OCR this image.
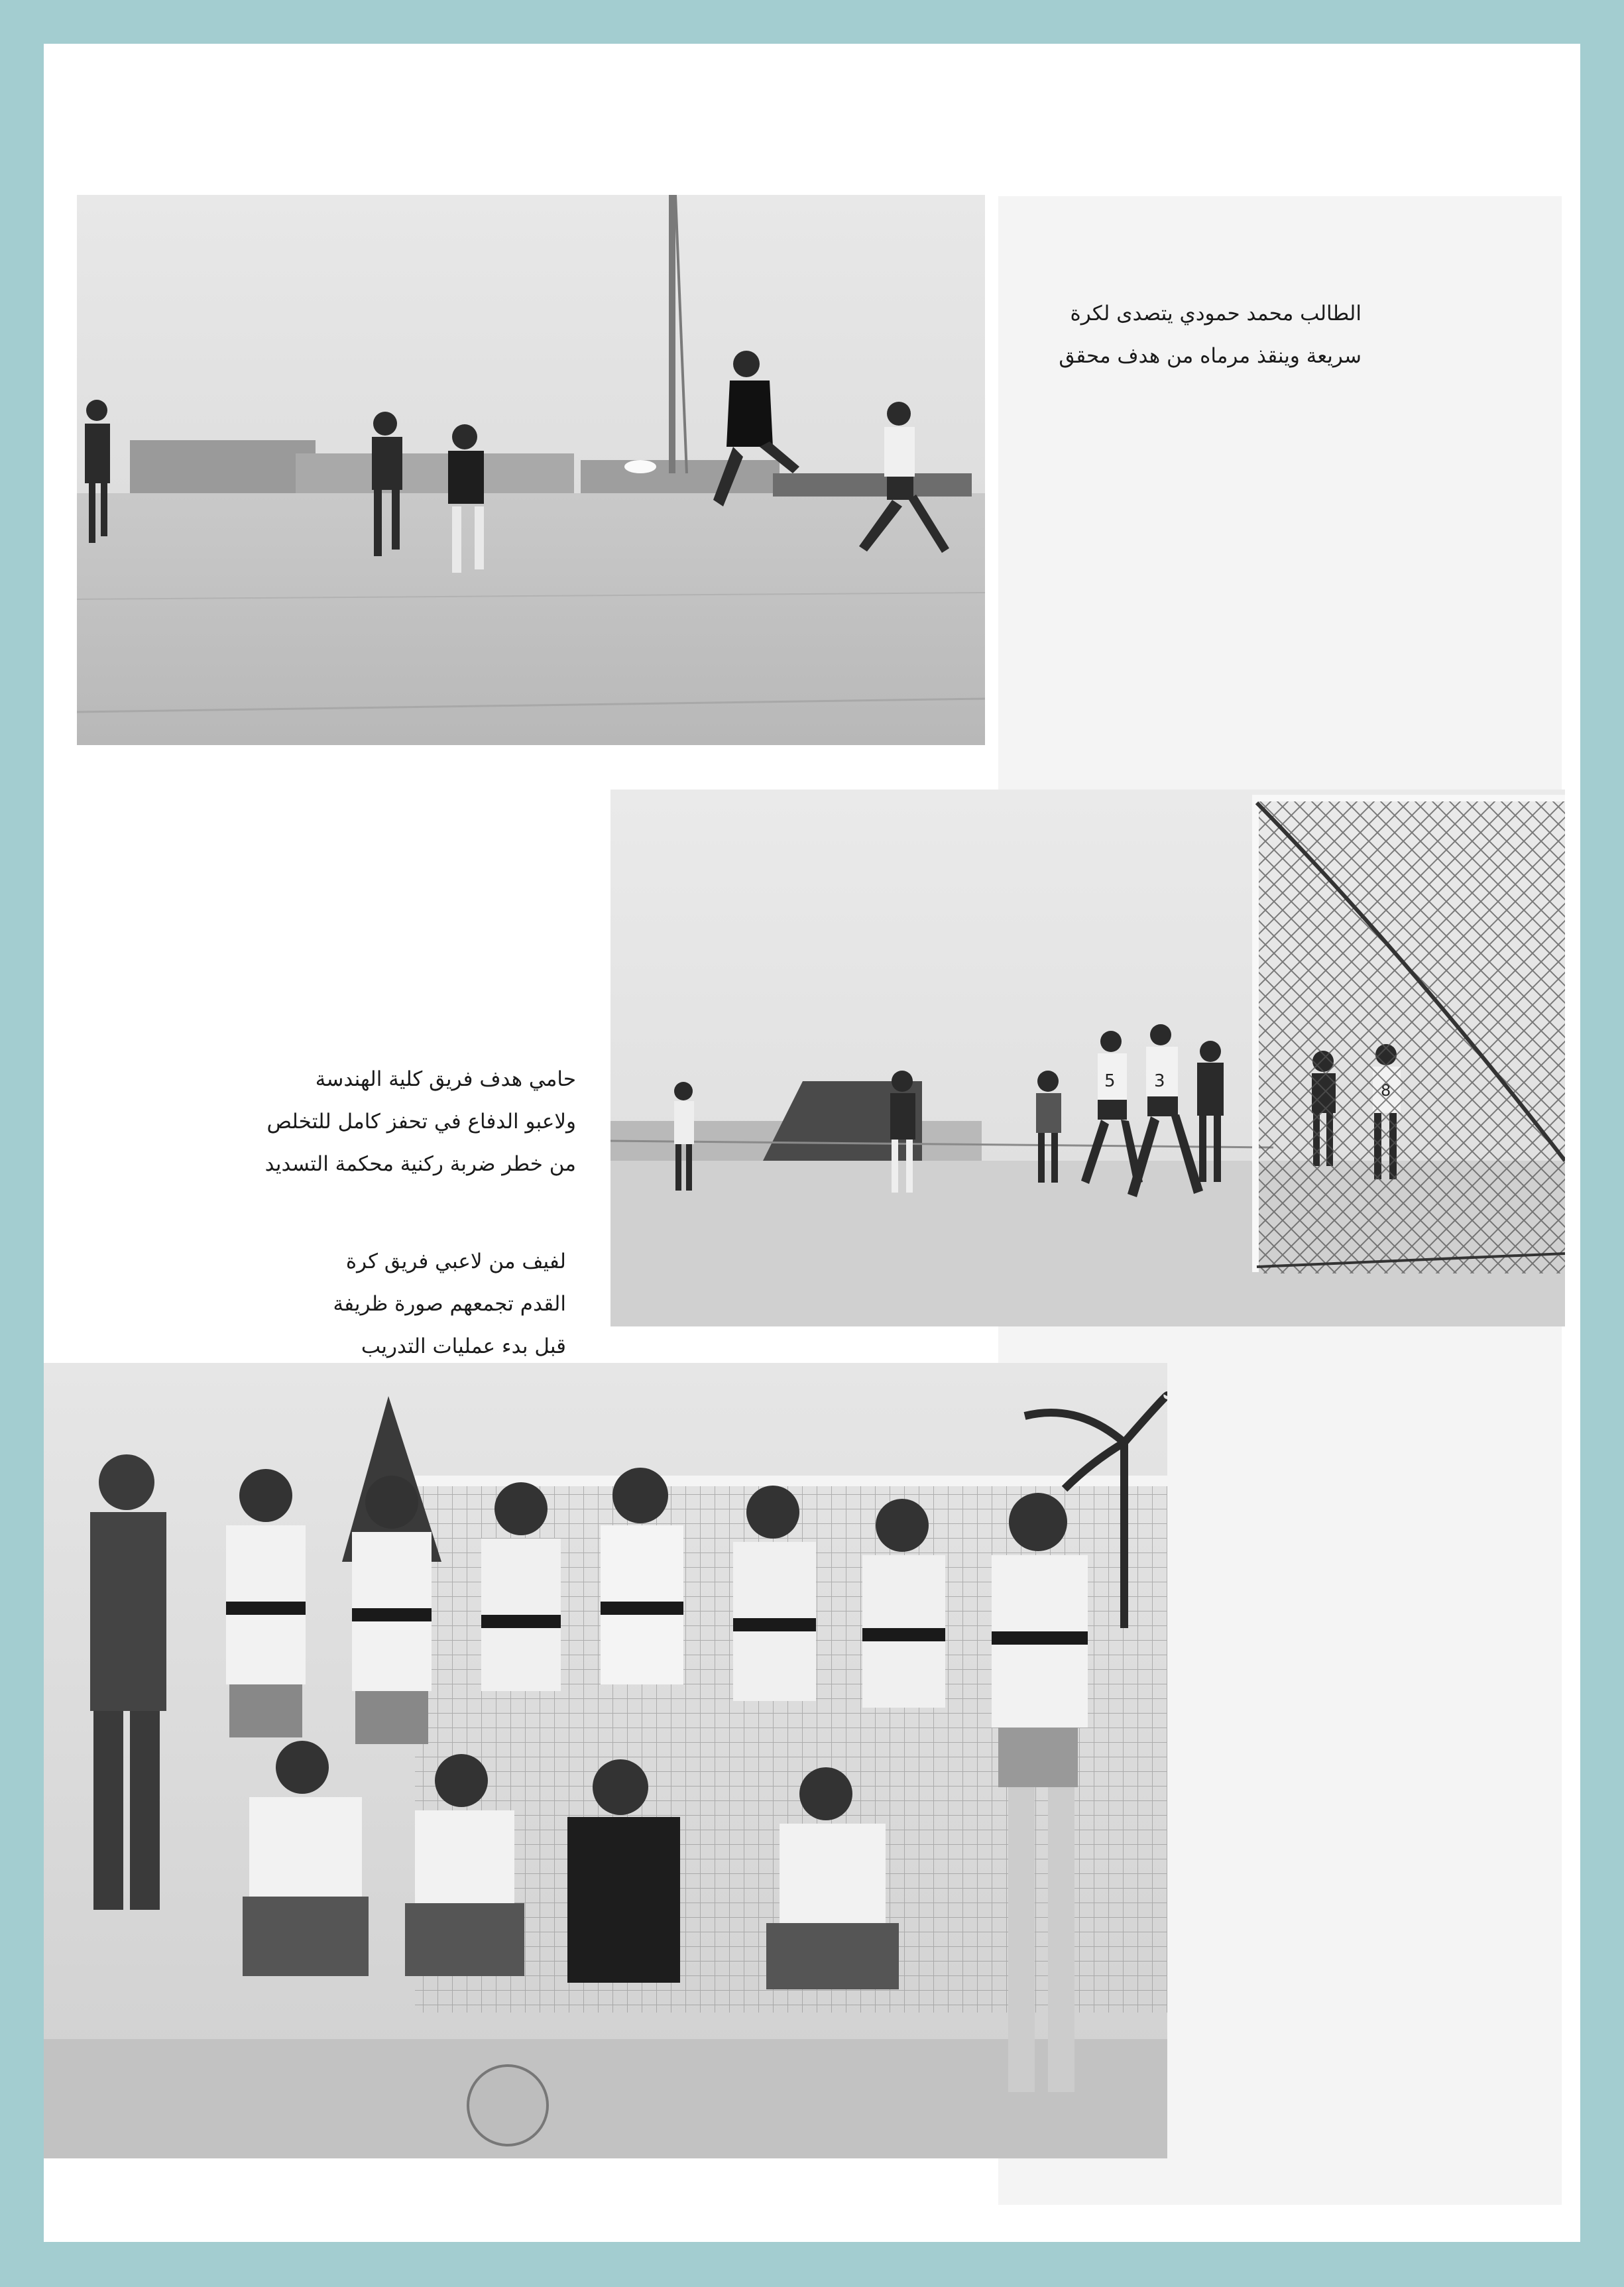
الطالب محمد حمودي يتصدى لكرة
سريعة وينقذ مرماه من هدف محقق
5 3
حامي هدف فريق كلية الهندسة
ولاعبو الدفاع في تحفز كامل للتخلص
من خطر ضربة ركنية محكمة التسديد
لفيف من لاعبي فريق كرة
القدم تجمعهم صورة ظريفة
قبل بدء عمليات التدريب
